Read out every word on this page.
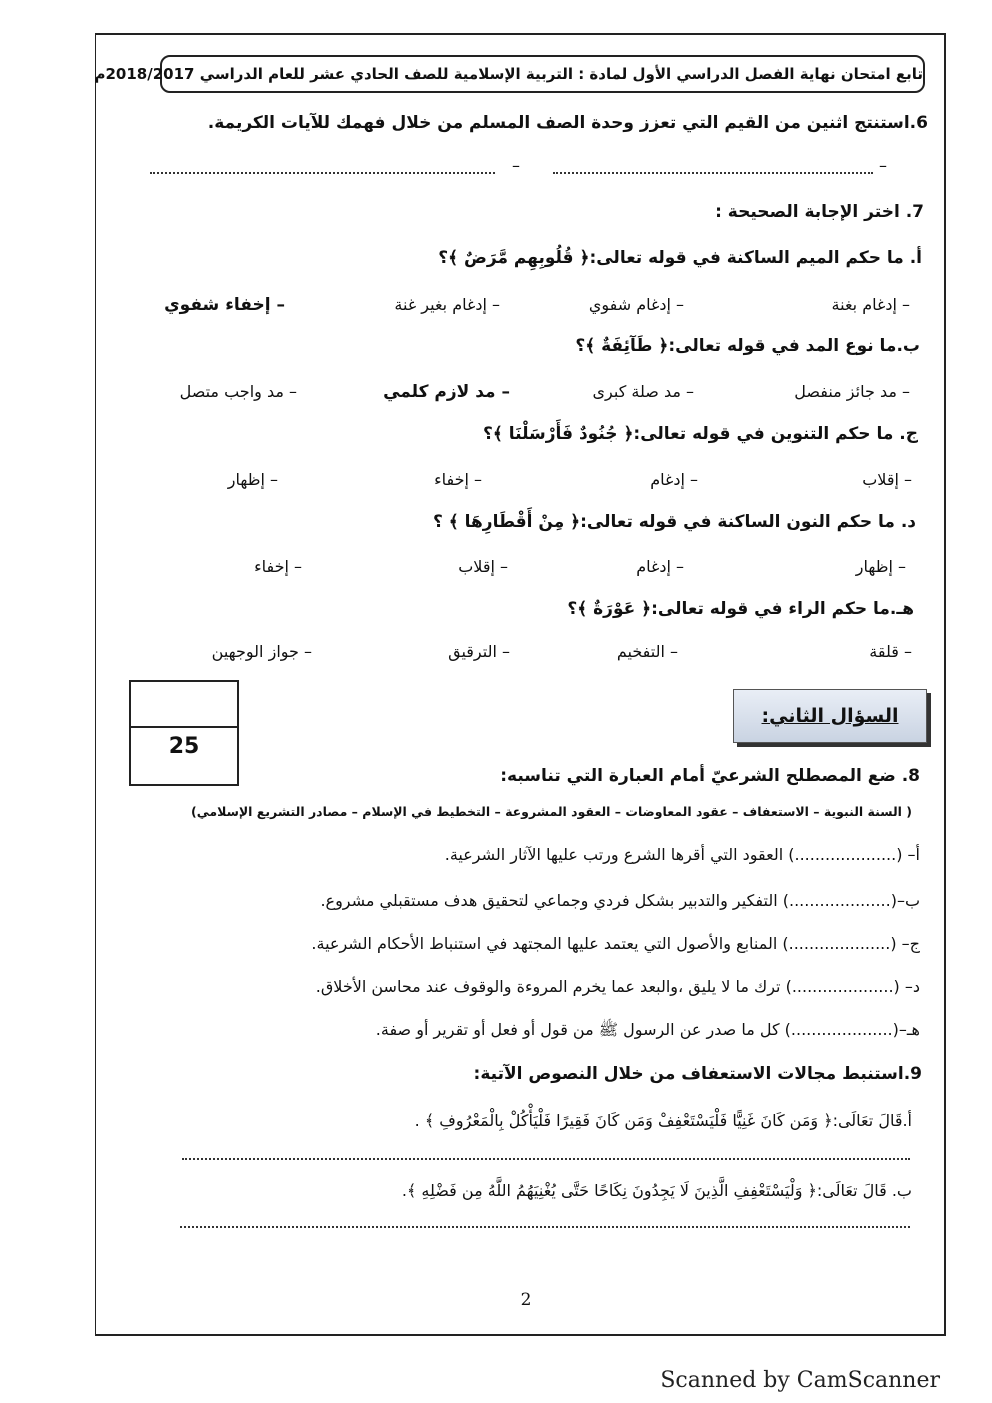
تابع امتحان نهاية الفصل الدراسي الأول لمادة : التربية الإسلامية للصف الحادي عشر للعام الدراسي 2018/2017م
6.استنتج اثنين من القيم التي تعزز وحدة الصف المسلم من خلال فهمك للآيات الكريمة.
–
–
7. اختر الإجابة الصحيحة :
أ. ما حكم الميم الساكنة في قوله تعالى:﴿ قُلُوبِهِم مَّرَضٌ ﴾؟
– إدغام بغنة
– إدغام شفوي
– إدغام بغير غنة
– إخفاء شفوي
ب.ما نوع المد في قوله تعالى:﴿ طَآئِفَةٌ ﴾؟
– مد جائز منفصل
– مد صلة كبرى
– مد لازم كلمي
– مد واجب متصل
ج. ما حكم التنوين في قوله تعالى:﴿ جُنُودٌ فَأَرْسَلْنَا ﴾؟
– إقلاب
– إدغام
– إخفاء
– إظهار
د. ما حكم النون الساكنة في قوله تعالى:﴿ مِنْ أَقْطَارِهَا ﴾ ؟
– إظهار
– إدغام
– إقلاب
– إخفاء
هـ.ما حكم الراء في قوله تعالى:﴿ عَوْرَةٌ ﴾؟
– قلقة
– التفخيم
– الترقيق
– جواز الوجهين
25
السؤال الثاني:
8. ضع المصطلح الشرعيّ أمام العبارة التي تناسبه:
( السنة النبوية – الاستعفاف – عقود المعاوضات – العقود المشروعة – التخطيط في الإسلام – مصادر التشريع الإسلامي)
أ– (....................) العقود التي أقرها الشرع ورتب عليها الآثار الشرعية.
ب–(....................) التفكير والتدبير بشكل فردي وجماعي لتحقيق هدف مستقبلي مشروع.
ج– (....................) المنابع والأصول التي يعتمد عليها المجتهد في استنباط الأحكام الشرعية.
د– (....................) ترك ما لا يليق ،والبعد عما يخرم المروءة والوقوف عند محاسن الأخلاق.
هـ–(....................) كل ما صدر عن الرسول ﷺ من قول أو فعل أو تقرير أو صفة.
9.استنبط مجالات الاستعفاف من خلال النصوص الآتية:
أ.قَالَ تعَالَى:﴿ وَمَن كَانَ غَنِيًّا فَلْيَسْتَعْفِفْ وَمَن كَانَ فَقِيرًا فَلْيَأْكُلْ بِالْمَعْرُوفِ ﴾ .
ب. قَالَ تعَالَى:﴿ وَلْيَسْتَعْفِفِ الَّذِينَ لَا يَجِدُونَ نِكَاحًا حَتَّى يُغْنِيَهُمُ اللَّهُ مِن فَضْلِهِ ﴾.
2
Scanned by CamScanner
